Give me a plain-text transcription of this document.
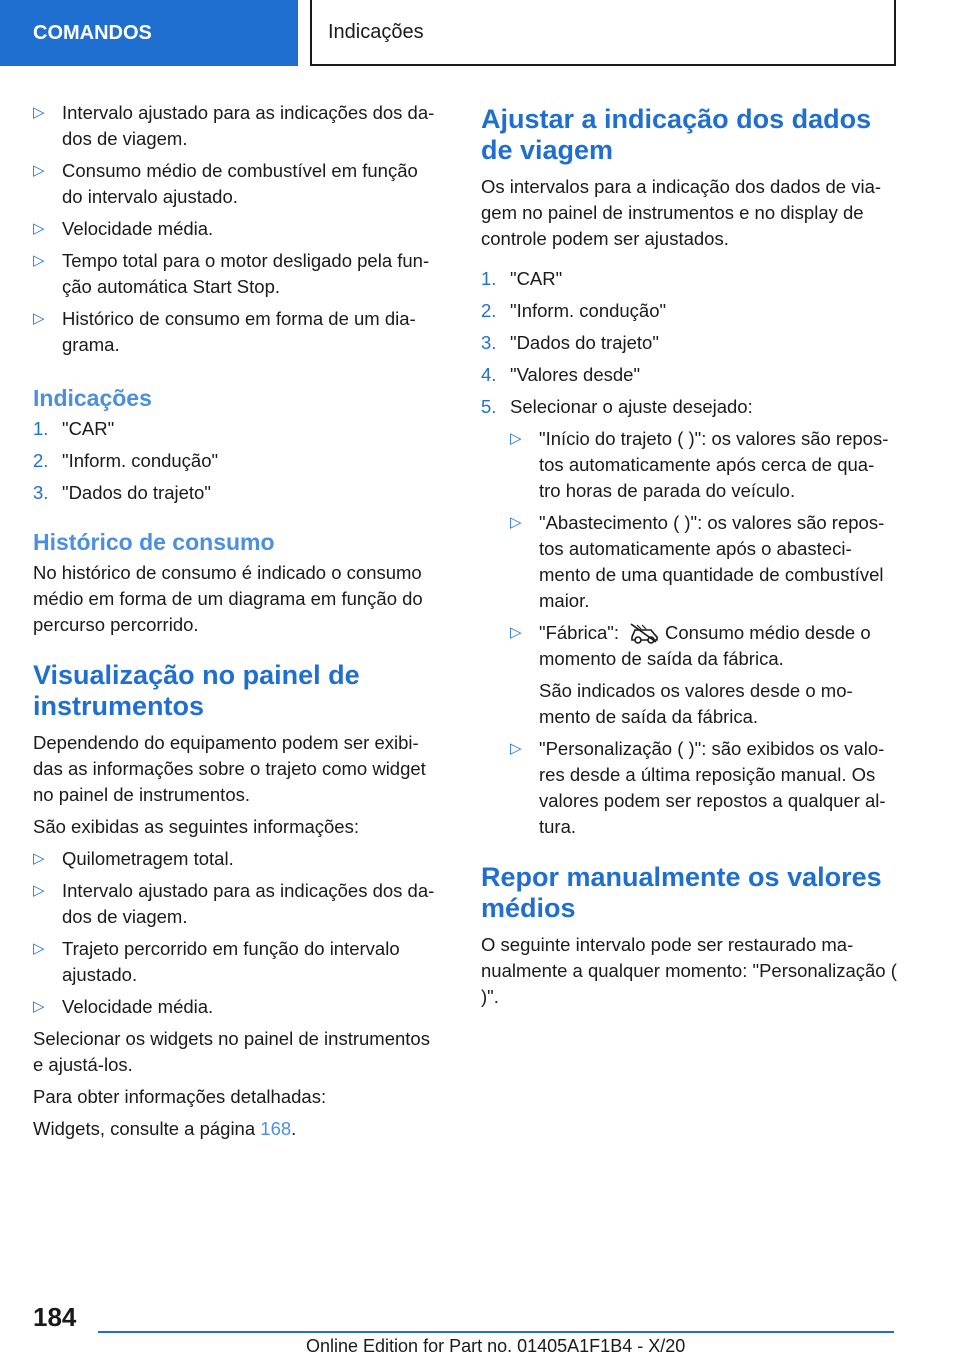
COMANDOS	Indicações
▷ Intervalo ajustado para as indicações dos da- dos de viagem.
▷ Consumo médio de combustível em função do intervalo ajustado.
▷ Velocidade média.
▷ Tempo total para o motor desligado pela fun- ção automática Start Stop.
▷ Histórico de consumo em forma de um dia- grama.
Indicações
1. "CAR"
2. "Inform. condução"
3. "Dados do trajeto"
Histórico de consumo

No histórico de consumo é indicado o consumo médio em forma de um diagrama em função do percurso percorrido.

Visualização no painel de instrumentos

Dependendo do equipamento podem ser exibi- das as informações sobre o trajeto como widget no painel de instrumentos.

São exibidas as seguintes informações:

▷ Quilometragem total.
▷ Intervalo ajustado para as indicações dos da- dos de viagem.
▷ Trajeto percorrido em função do intervalo ajustado.
▷ Velocidade média.

Selecionar os widgets no painel de instrumentos e ajustá-los.

Para obter informações detalhadas:

Widgets, consulte a página 168.

Ajustar a indicação dos dados de viagem

Os intervalos para a indicação dos dados de via- gem no painel de instrumentos e no display de controle podem ser ajustados.

1. "CAR"
2. "Inform. condução"
3. "Dados do trajeto"
4. "Valores desde"
5. Selecionar o ajuste desejado:
▷ "Início do trajeto ( )": os valores são repos- tos automaticamente após cerca de qua- tro horas de parada do veículo.
▷ "Abastecimento ( )": os valores são repos- tos automaticamente após o abasteci- mento de uma quantidade de combustível maior.
▷ "Fábrica": Consumo médio desde o momento de saída da fábrica.

São indicados os valores desde o mo- mento de saída da fábrica.

▷ "Personalização ( )": são exibidos os valo- res desde a última reposição manual. Os valores podem ser repostos a qualquer al- tura.
Repor manualmente os valores médios

O seguinte intervalo pode ser restaurado ma- nualmente a qualquer momento: "Personalização ( )".

184
Online Edition for Part no. 01405A1F1B4 - X/20
